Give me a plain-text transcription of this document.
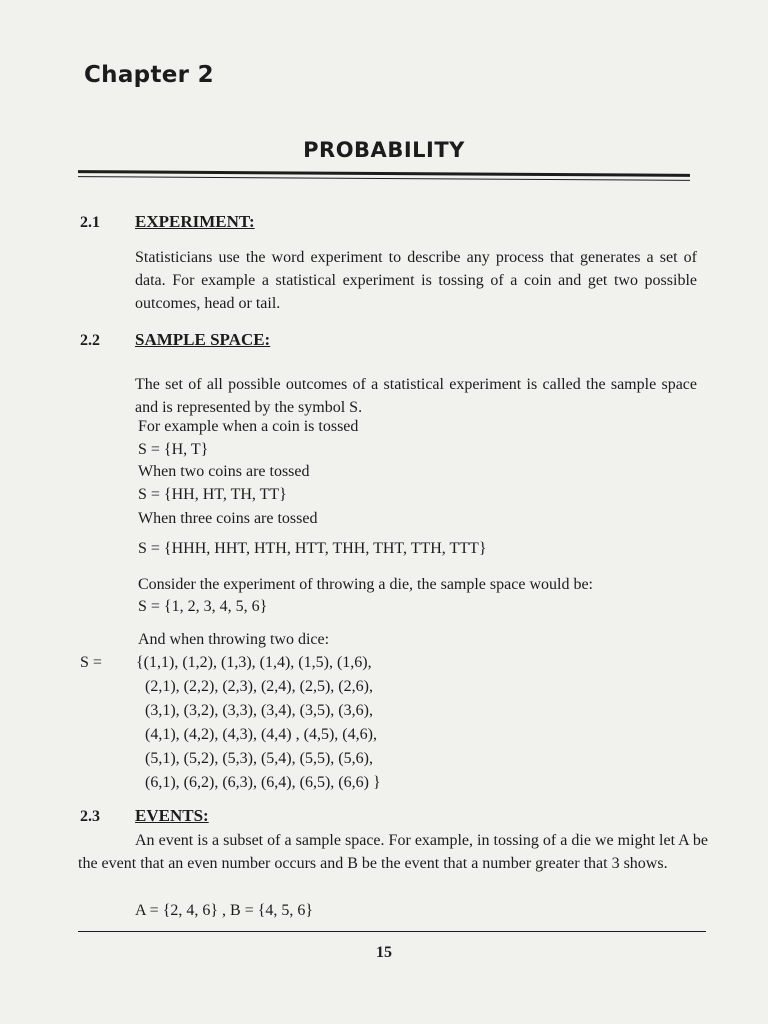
Chapter 2
PROBABILITY
2.1 EXPERIMENT:
Statisticians use the word experiment to describe any process that generates a set of data. For example a statistical experiment is tossing of a coin and get two possible outcomes, head or tail.
2.2 SAMPLE SPACE:
The set of all possible outcomes of a statistical experiment is called the sample space and is represented by the symbol S.
For example when a coin is tossed
S = {H, T}
When two coins are tossed
S = {HH, HT, TH, TT}
When three coins are tossed
S = {HHH, HHT, HTH, HTT, THH, THT, TTH, TTT}
Consider the experiment of throwing a die, the sample space would be:
S = {1, 2, 3, 4, 5, 6}
And when throwing two dice:
S = {(1,1), (1,2), (1,3), (1,4), (1,5), (1,6),
(2,1), (2,2), (2,3), (2,4), (2,5), (2,6),
(3,1), (3,2), (3,3), (3,4), (3,5), (3,6),
(4,1), (4,2), (4,3), (4,4) , (4,5), (4,6),
(5,1), (5,2), (5,3), (5,4), (5,5), (5,6),
(6,1), (6,2), (6,3), (6,4), (6,5), (6,6) }
2.3 EVENTS:
An event is a subset of a sample space. For example, in tossing of a die we might let A be the event that an even number occurs and B be the event that a number greater that 3 shows.
A = {2, 4, 6} , B = {4, 5, 6}
15
